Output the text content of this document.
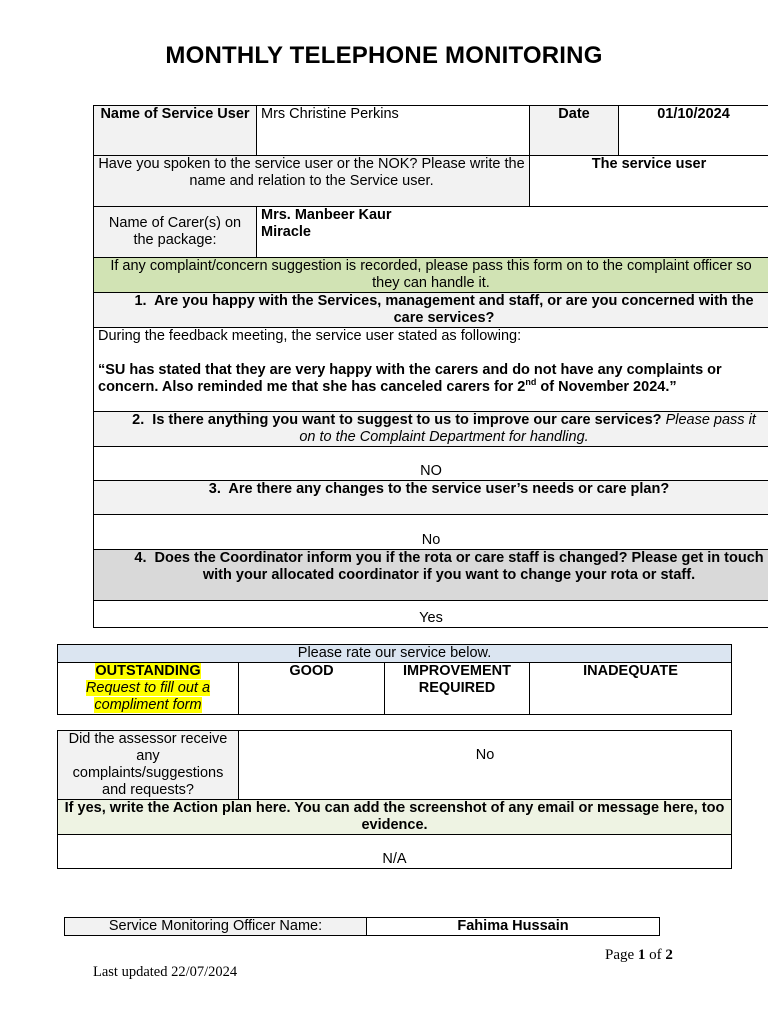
MONTHLY TELEPHONE MONITORING
Name of Service User	Mrs Christine Perkins	Date	01/10/2024
Have you spoken to the service user or the NOK? Please write the name and relation to the Service user.		The service user	
Name of Carer(s) on the package:	Mrs. Manbeer Kaur
Miracle		

If any complaint/concern suggestion is recorded, please pass this form on to the complaint officer so they can handle it.			
1. Are you happy with the Services, management and staff, or are you concerned with the care services?			

During the feedback meeting, the service user stated as following:
“SU has stated that they are very happy with the carers and do not have any complaints or concern. Also reminded me that she has canceled carers for 2nd of November 2024.”			

2. Is there anything you want to suggest to us to improve our care services? Please pass it on to the Complaint Department for handling.			
NO			
3. Are there any changes to the service user’s needs or care plan?			
No			
4. Does the Coordinator inform you if the rota or care staff is changed? Please get in touch with your allocated coordinator if you want to change your rota or staff.			
Yes			
Please rate our service below.
OUTSTANDING
Request to fill out a compliment form	GOOD	IMPROVEMENT REQUIRED	INADEQUATE
Did the assessor receive any complaints/suggestions and requests?	No
If yes, write the Action plan here. You can add the screenshot of any email or message here, too evidence.
N/A
Service Monitoring Officer Name:	Fahima Hussain
Page 1 of 2
Last updated 22/07/2024
